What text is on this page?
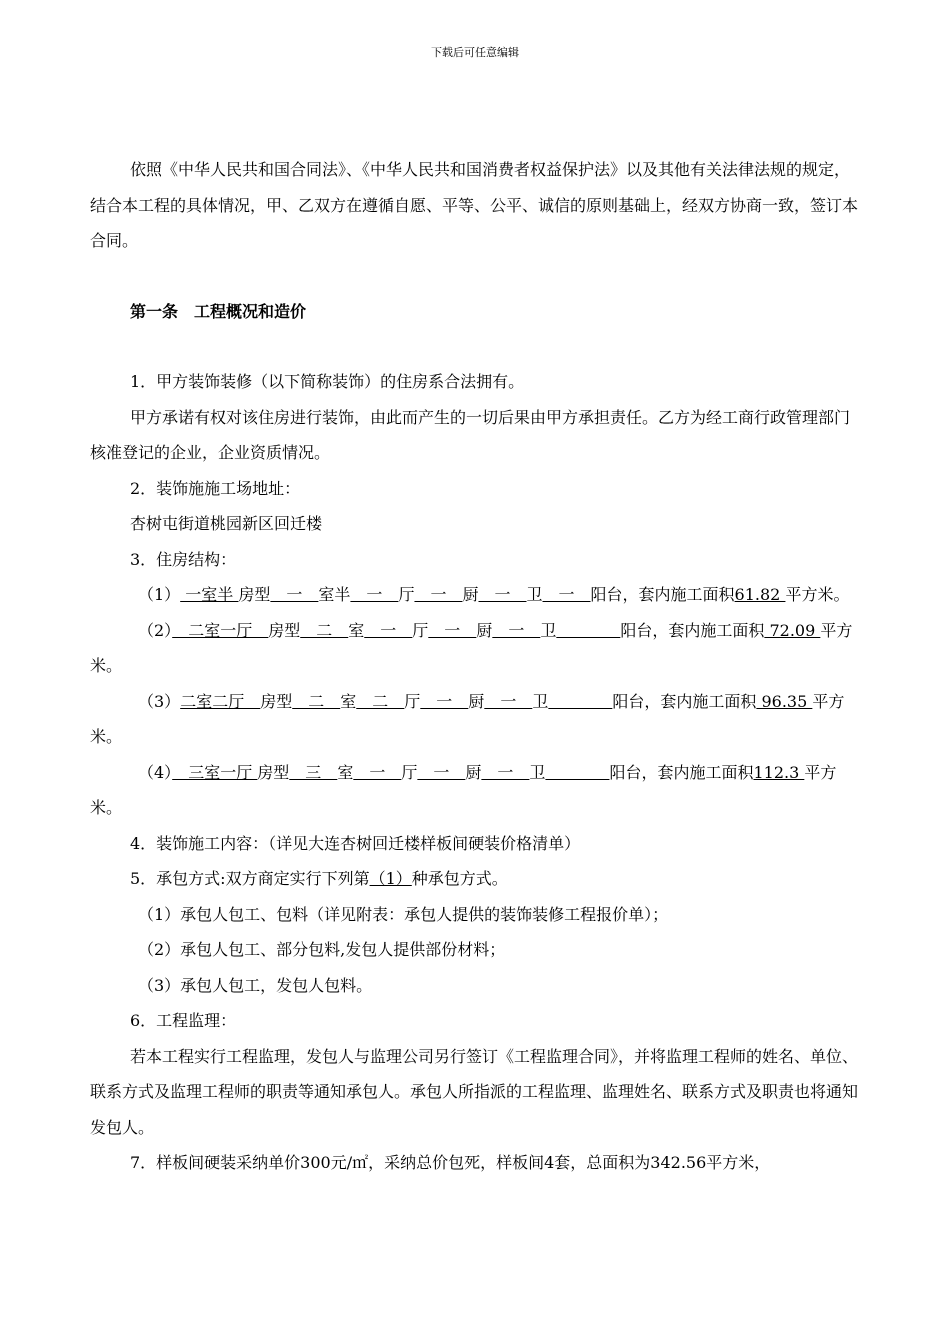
下载后可任意编辑

依照《中华人民共和国合同法》、《中华人民共和国消费者权益保护法》以及其他有关法律法规的规定，结合本工程的具体情况，甲、乙双方在遵循自愿、平等、公平、诚信的原则基础上，经双方协商一致，签订本合同。

第一条　工程概况和造价

1．甲方装饰装修（以下简称装饰）的住房系合法拥有。

甲方承诺有权对该住房进行装饰，由此而产生的一切后果由甲方承担责任。乙方为经工商行政管理部门核准登记的企业，企业资质情况。

2．装饰施施工场地址：

杏树屯街道桃园新区回迁楼

3．住房结构：

（1） 一室半 房型　一　室半　一　厅　一　厨　一　卫　一　阳台，套内施工面积61.82 平方米。

（2）　二室一厅　房型　二　室　一　厅　一　厨　一　卫　　　　	阳台，套内施工面积 72.09 平方米。

（3）二室二厅　房型　二　室　二　厅　一　厨　一　卫　　　　	阳台，套内施工面积 96.35 平方米。

（4）　三室一厅 房型　三　室　一　厅　一　厨　一　卫　　　　	阳台，套内施工面积112.3 平方米。

4．装饰施工内容：（详见大连杏树回迁楼样板间硬装价格清单）

5．承包方式:双方商定实行下列第（1）种承包方式。

（1）承包人包工、包料（详见附表：承包人提供的装饰装修工程报价单）；

（2）承包人包工、部分包料,发包人提供部份材料；

（3）承包人包工，发包人包料。

6．工程监理：

若本工程实行工程监理，发包人与监理公司另行签订《工程监理合同》，并将监理工程师的姓名、单位、联系方式及监理工程师的职责等通知承包人。承包人所指派的工程监理、监理姓名、联系方式及职责也将通知发包人。

7．样板间硬装采纳单价300元/㎡，采纳总价包死，样板间4套，总面积为342.56平方米，
